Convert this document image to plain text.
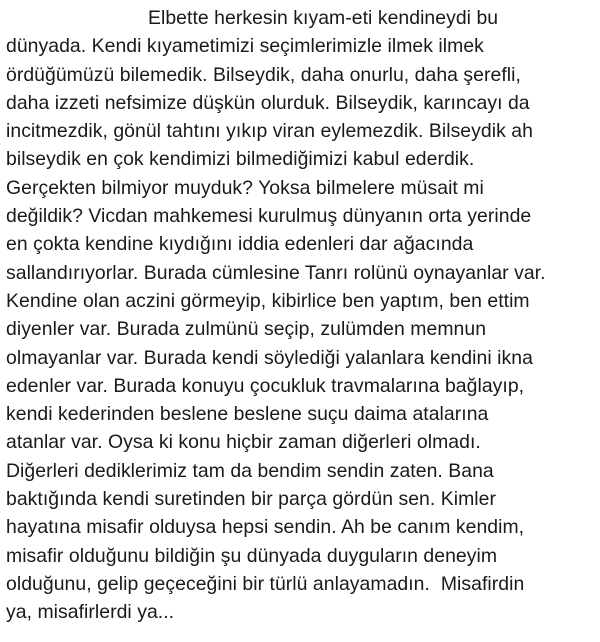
Elbette herkesin kıyam-eti kendineydi bu
dünyada. Kendi kıyametimizi seçimlerimizle ilmek ilmek
ördüğümüzü bilemedik. Bilseydik, daha onurlu, daha şerefli,
daha izzeti nefsimize düşkün olurduk. Bilseydik, karıncayı da
incitmezdik, gönül tahtını yıkıp viran eylemezdik. Bilseydik ah
bilseydik en çok kendimizi bilmediğimizi kabul ederdik.
Gerçekten bilmiyor muyduk? Yoksa bilmelere müsait mi
değildik? Vicdan mahkemesi kurulmuş dünyanın orta yerinde
en çokta kendine kıydığını iddia edenleri dar ağacında
sallandırıyorlar. Burada cümlesine Tanrı rolünü oynayanlar var.
Kendine olan aczini görmeyip, kibirlice ben yaptım, ben ettim
diyenler var. Burada zulmünü seçip, zulümden memnun
olmayanlar var. Burada kendi söylediği yalanlara kendini ikna
edenler var. Burada konuyu çocukluk travmalarına bağlayıp,
kendi kederinden beslene beslene suçu daima atalarına
atanlar var. Oysa ki konu hiçbir zaman diğerleri olmadı.
Diğerleri dediklerimiz tam da bendim sendin zaten. Bana
baktığında kendi suretinden bir parça gördün sen. Kimler
hayatına misafir olduysa hepsi sendin. Ah be canım kendim,
misafir olduğunu bildiğin şu dünyada duyguların deneyim
olduğunu, gelip geçeceğini bir türlü anlayamadın.  Misafirdin
ya, misafirlerdi ya...
